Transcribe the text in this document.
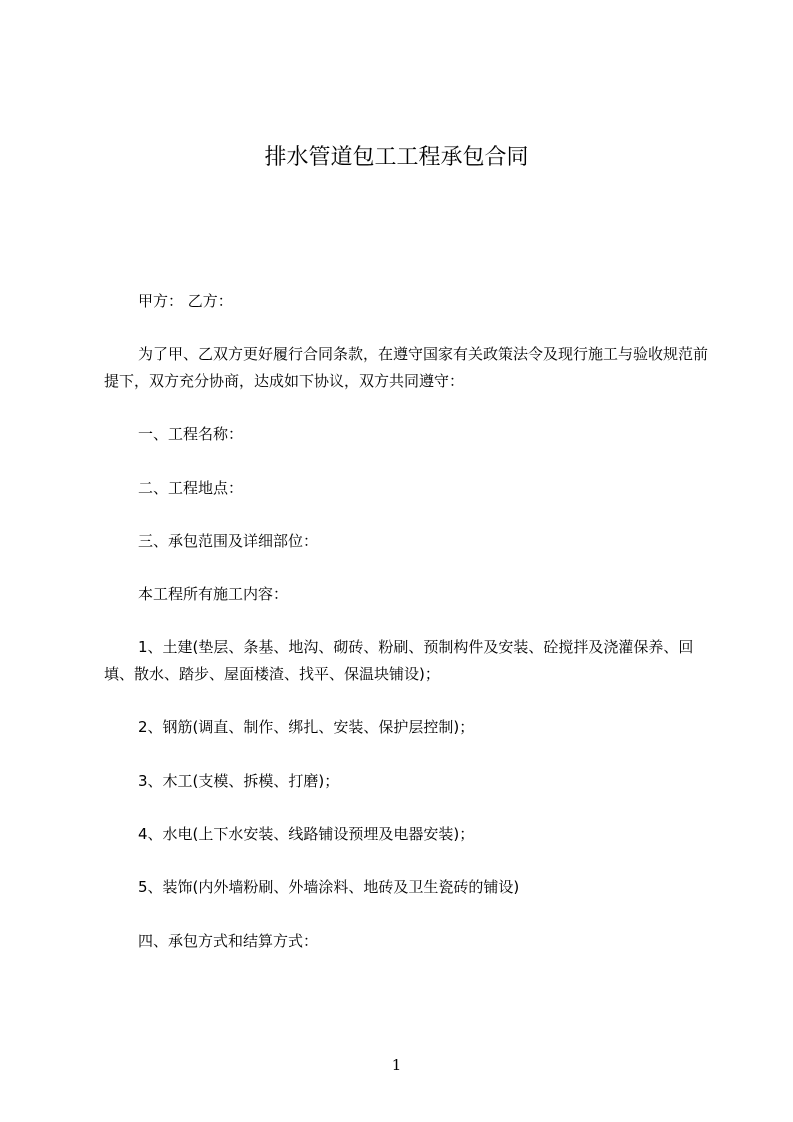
排水管道包工工程承包合同

甲方： 乙方：

为了甲、乙双方更好履行合同条款，在遵守国家有关政策法令及现行施工与验收规范前提下，双方充分协商，达成如下协议，双方共同遵守：

一、工程名称：

二、工程地点：

三、承包范围及详细部位：

本工程所有施工内容：

1、土建(垫层、条基、地沟、砌砖、粉刷、预制构件及安装、砼搅拌及浇灌保养、回填、散水、踏步、屋面楼渣、找平、保温块铺设)；

2、钢筋(调直、制作、绑扎、安装、保护层控制)；

3、木工(支模、拆模、打磨)；

4、水电(上下水安装、线路铺设预埋及电器安装)；

5、装饰(内外墙粉刷、外墙涂料、地砖及卫生瓷砖的铺设)

四、承包方式和结算方式：

1
